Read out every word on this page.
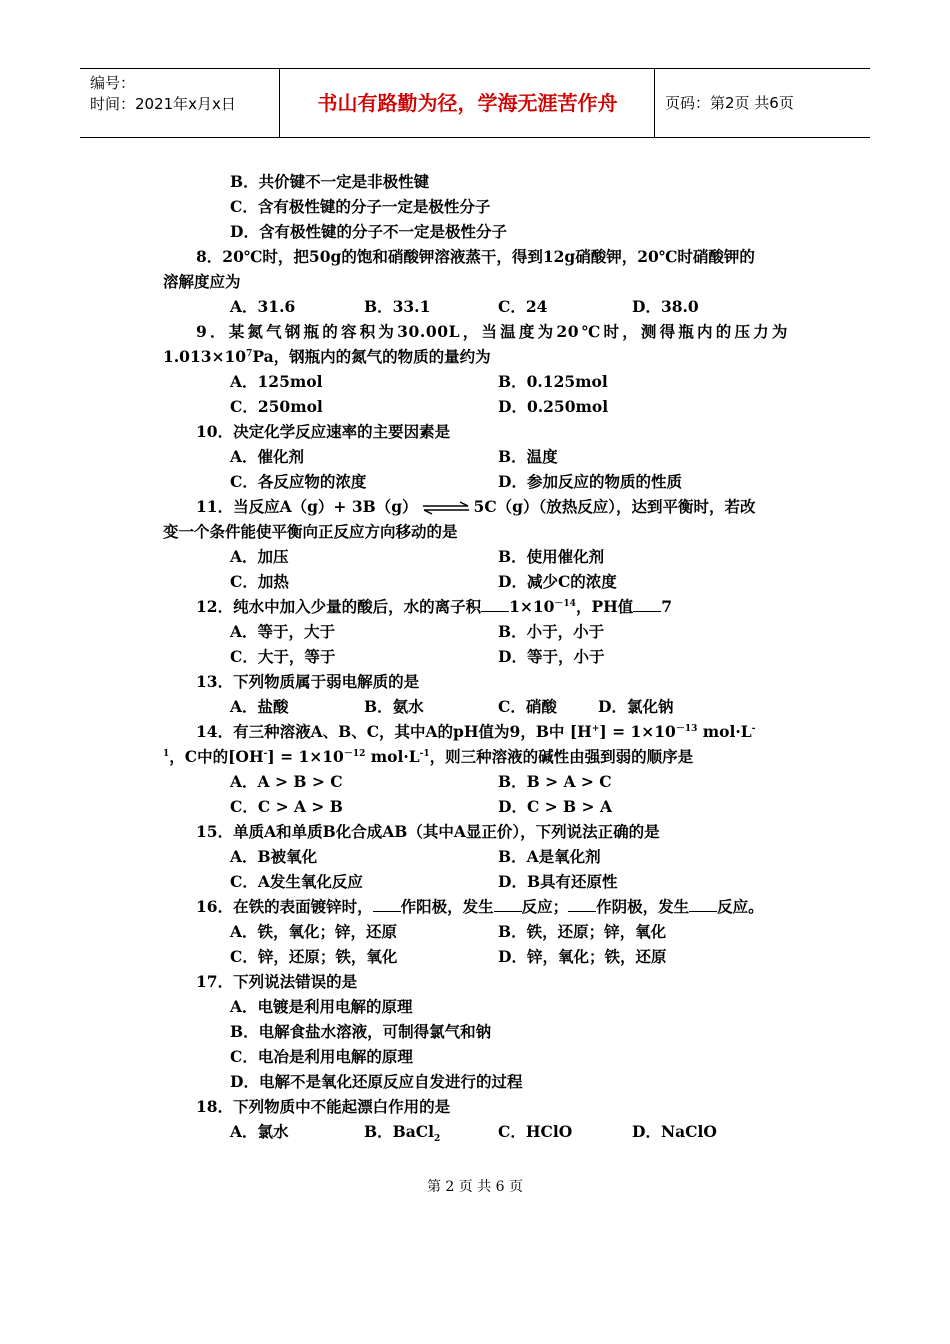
编号：
时间：2021年x月x日	书山有路勤为径，学海无涯苦作舟	页码：第2页 共6页
B．共价键不一定是非极性键
C．含有极性键的分子一定是极性分子
D．含有极性键的分子不一定是极性分子
8．20℃时，把50g的饱和硝酸钾溶液蒸干，得到12g硝酸钾，20℃时硝酸钾的
溶解度应为
A．31.6	B．33.1	C．24	D．38.0
9．某氮气钢瓶的容积为30.00L，当温度为20℃时，测得瓶内的压力为
$1.013\times 10^7Pa$，钢瓶内的氮气的物质的量约为
A．125mol	B．0.125mol
C．250mol	D．0.250mol
10．决定化学反应速率的主要因素是
A．催化剂	B．温度
C．各反应物的浓度	D．参加反应的物质的性质
11．当反应A（g）+ 3B（g） ⇌ 5C（g）（放热反应），达到平衡时，若改
变一个条件能使平衡向正反应方向移动的是
A．加压	B．使用催化剂
C．加热	D．减少C的浓度
12．纯水中加入少量的酸后，水的离子积 $1\times 10^{-14}$，PH值 7
A．等于，大于	B．小于，小于
C．大于，等于	D．等于，小于
13．下列物质属于弱电解质的是
A．盐酸	B．氨水	C．硝酸	D．氯化钠
14．有三种溶液A、B、C，其中A的pH值为9，B中 $[H^+] = 1\times 10^{-13}$ mol·L-
$^1$，C中的$[OH^-] = 1\times 10^{-12}$ $mol\cdot L^{-1}$，则三种溶液的碱性由强到弱的顺序是
A．A > B > C	B．B > A > C
C．C > A > B	D．C > B > A
15．单质A和单质B化合成AB（其中A显正价），下列说法正确的是
A．B被氧化	B．A是氧化剂
C．A发生氧化反应	D．B具有还原性
16．在铁的表面镀锌时， 作阳极，发生 反应； 作阴极，发生 反应。
A．铁，氧化；锌，还原	B．铁，还原；锌，氧化
C．锌，还原；铁，氧化	D．锌，氧化；铁，还原
17．下列说法错误的是
A．电镀是利用电解的原理
B．电解食盐水溶液，可制得氯气和钠
C．电冶是利用电解的原理
D．电解不是氧化还原反应自发进行的过程
18．下列物质中不能起漂白作用的是
A．氯水	B．BaCl$_2$	C．HClO	D．NaClO
第 2 页 共 6 页
